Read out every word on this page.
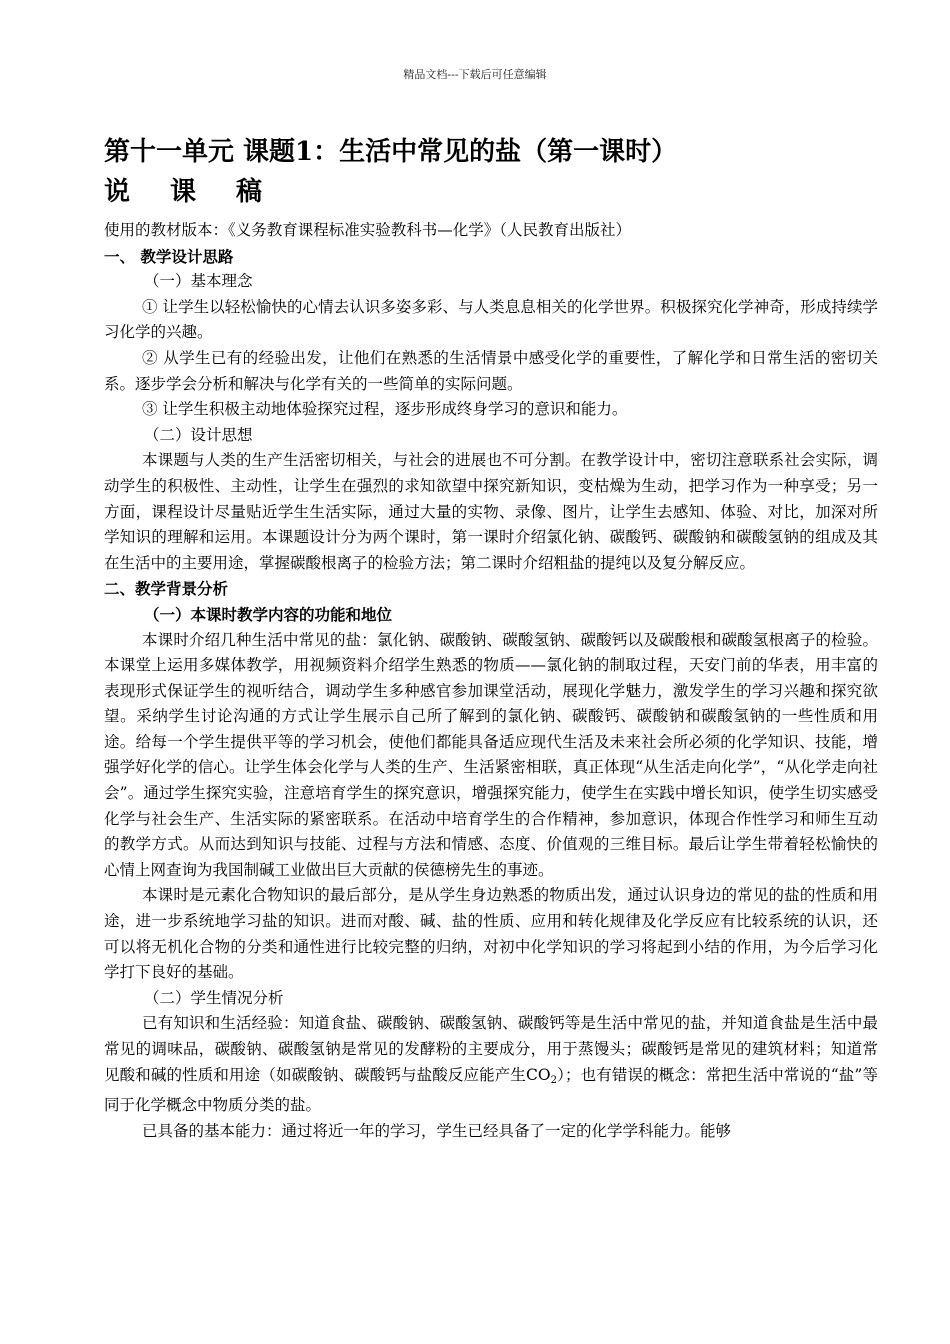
精品文档---下载后可任意编辑
第十一单元 课题1：生活中常见的盐（第一课时）
说课稿

使用的教材版本：《义务教育课程标准实验教科书—化学》（人民教育出版社）

一、 教学设计思路

（一）基本理念

① 让学生以轻松愉快的心情去认识多姿多彩、与人类息息相关的化学世界。积极探究化学神奇，形成持续学习化学的兴趣。

② 从学生已有的经验出发，让他们在熟悉的生活情景中感受化学的重要性，了解化学和日常生活的密切关系。逐步学会分析和解决与化学有关的一些简单的实际问题。

③ 让学生积极主动地体验探究过程，逐步形成终身学习的意识和能力。

（二）设计思想

本课题与人类的生产生活密切相关，与社会的进展也不可分割。在教学设计中，密切注意联系社会实际，调动学生的积极性、主动性，让学生在强烈的求知欲望中探究新知识，变枯燥为生动，把学习作为一种享受；另一方面，课程设计尽量贴近学生生活实际，通过大量的实物、录像、图片，让学生去感知、体验、对比，加深对所学知识的理解和运用。本课题设计分为两个课时，第一课时介绍氯化钠、碳酸钙、碳酸钠和碳酸氢钠的组成及其在生活中的主要用途，掌握碳酸根离子的检验方法；第二课时介绍粗盐的提纯以及复分解反应。

二、教学背景分析

（一）本课时教学内容的功能和地位

本课时介绍几种生活中常见的盐：氯化钠、碳酸钠、碳酸氢钠、碳酸钙以及碳酸根和碳酸氢根离子的检验。本课堂上运用多媒体教学，用视频资料介绍学生熟悉的物质——氯化钠的制取过程，天安门前的华表，用丰富的表现形式保证学生的视听结合，调动学生多种感官参加课堂活动，展现化学魅力，激发学生的学习兴趣和探究欲望。采纳学生讨论沟通的方式让学生展示自己所了解到的氯化钠、碳酸钙、碳酸钠和碳酸氢钠的一些性质和用途。给每一个学生提供平等的学习机会，使他们都能具备适应现代生活及未来社会所必须的化学知识、技能，增强学好化学的信心。让学生体会化学与人类的生产、生活紧密相联，真正体现“从生活走向化学”，“从化学走向社会”。通过学生探究实验，注意培育学生的探究意识，增强探究能力，使学生在实践中增长知识，使学生切实感受化学与社会生产、生活实际的紧密联系。在活动中培育学生的合作精神，参加意识，体现合作性学习和师生互动的教学方式。从而达到知识与技能、过程与方法和情感、态度、价值观的三维目标。最后让学生带着轻松愉快的心情上网查询为我国制碱工业做出巨大贡献的侯德榜先生的事迹。

本课时是元素化合物知识的最后部分，是从学生身边熟悉的物质出发，通过认识身边的常见的盐的性质和用途，进一步系统地学习盐的知识。进而对酸、碱、盐的性质、应用和转化规律及化学反应有比较系统的认识，还可以将无机化合物的分类和通性进行比较完整的归纳，对初中化学知识的学习将起到小结的作用，为今后学习化学打下良好的基础。

（二）学生情况分析

已有知识和生活经验：知道食盐、碳酸钠、碳酸氢钠、碳酸钙等是生活中常见的盐，并知道食盐是生活中最常见的调味品，碳酸钠、碳酸氢钠是常见的发酵粉的主要成分，用于蒸馒头；碳酸钙是常见的建筑材料；知道常见酸和碱的性质和用途（如碳酸钠、碳酸钙与盐酸反应能产生$CO_2$）；也有错误的概念：常把生活中常说的“盐”等同于化学概念中物质分类的盐。

已具备的基本能力：通过将近一年的学习，学生已经具备了一定的化学学科能力。能够
